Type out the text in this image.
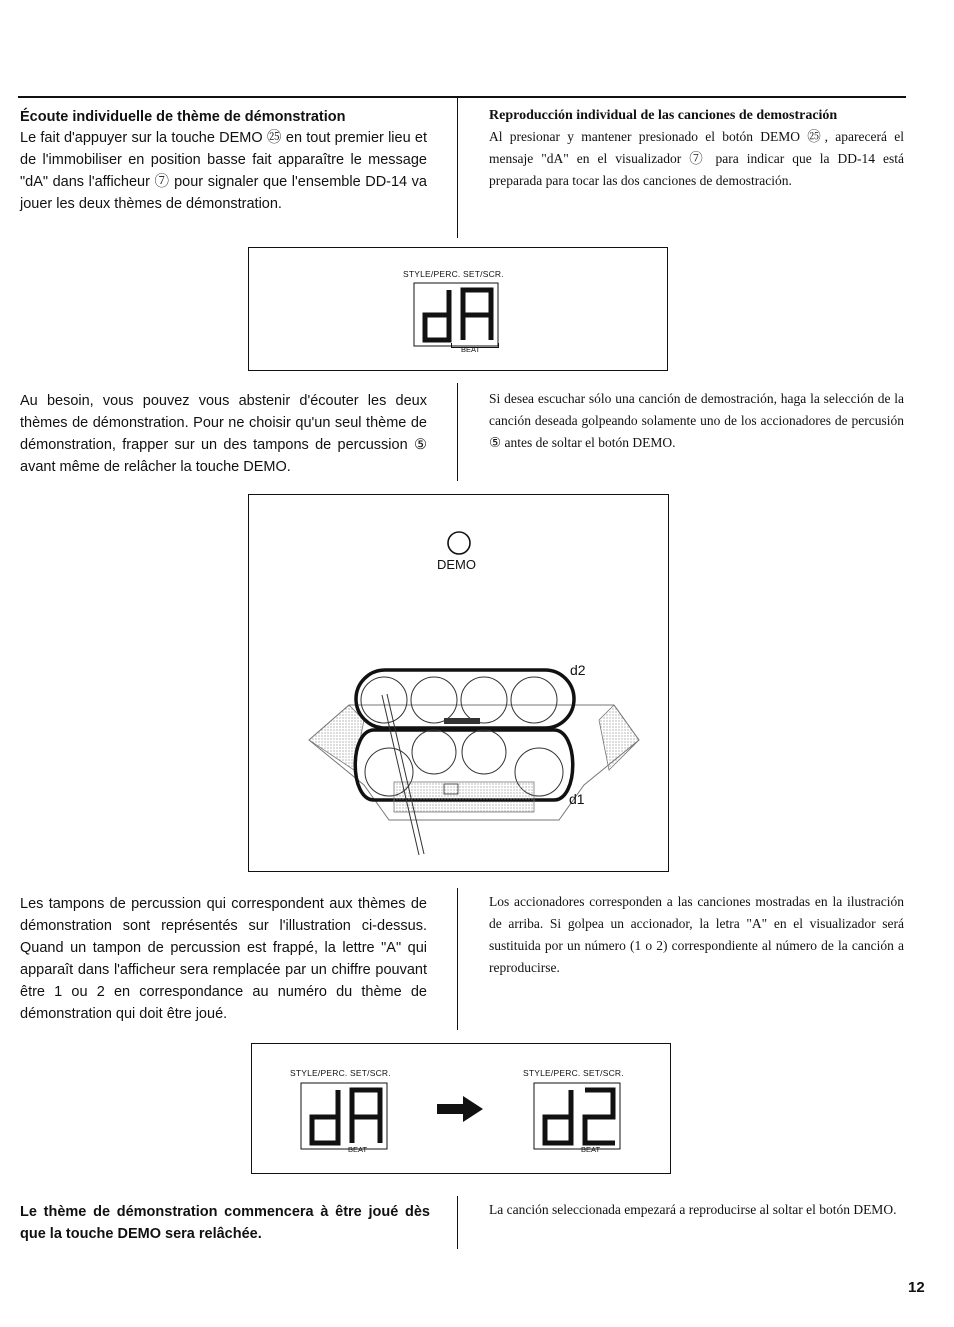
Écoute individuelle de thème de démonstration
Le fait d'appuyer sur la touche DEMO ㉕ en tout premier lieu et de l'immobiliser en position basse fait apparaître le message "dA" dans l'afficheur ⑦ pour signaler que l'ensemble DD-14 va jouer les deux thèmes de démonstration.
Reproducción individual de las canciones de demostración
Al presionar y mantener presionado el botón DEMO ㉕, aparecerá el mensaje "dA" en el visualizador ⑦ para indicar que la DD-14 está preparada para tocar las dos canciones de demostración.
STYLE/PERC. SET/SCR.
BEAT
Au besoin, vous pouvez vous abstenir d'écouter les deux thèmes de démonstration. Pour ne choisir qu'un seul thème de démonstration, frapper sur un des tampons de percussion ⑤ avant même de relâcher la touche DEMO.
Si desea escuchar sólo una canción de demostración, haga la selección de la canción deseada golpeando solamente uno de los accionadores de percusión ⑤ antes de soltar el botón DEMO.
DEMO
d2
d1
Les tampons de percussion qui correspondent aux thèmes de démonstration sont représentés sur l'illustration ci-dessus. Quand un tampon de percussion est frappé, la lettre "A" qui apparaît dans l'afficheur sera remplacée par un chiffre pouvant être 1 ou 2 en correspondance au numéro du thème de démonstration qui doit être joué.
Los accionadores corresponden a las canciones mostradas en la ilustración de arriba. Si golpea un accionador, la letra "A" en el visualizador será sustituida por un número (1 o 2) correspondiente al número de la canción a reproducirse.
STYLE/PERC. SET/SCR.
BEAT
STYLE/PERC. SET/SCR.
BEAT
Le thème de démonstration commencera à être joué dès que la touche DEMO sera relâchée.
La canción seleccionada empezará a reproducirse al soltar el botón DEMO.
12
